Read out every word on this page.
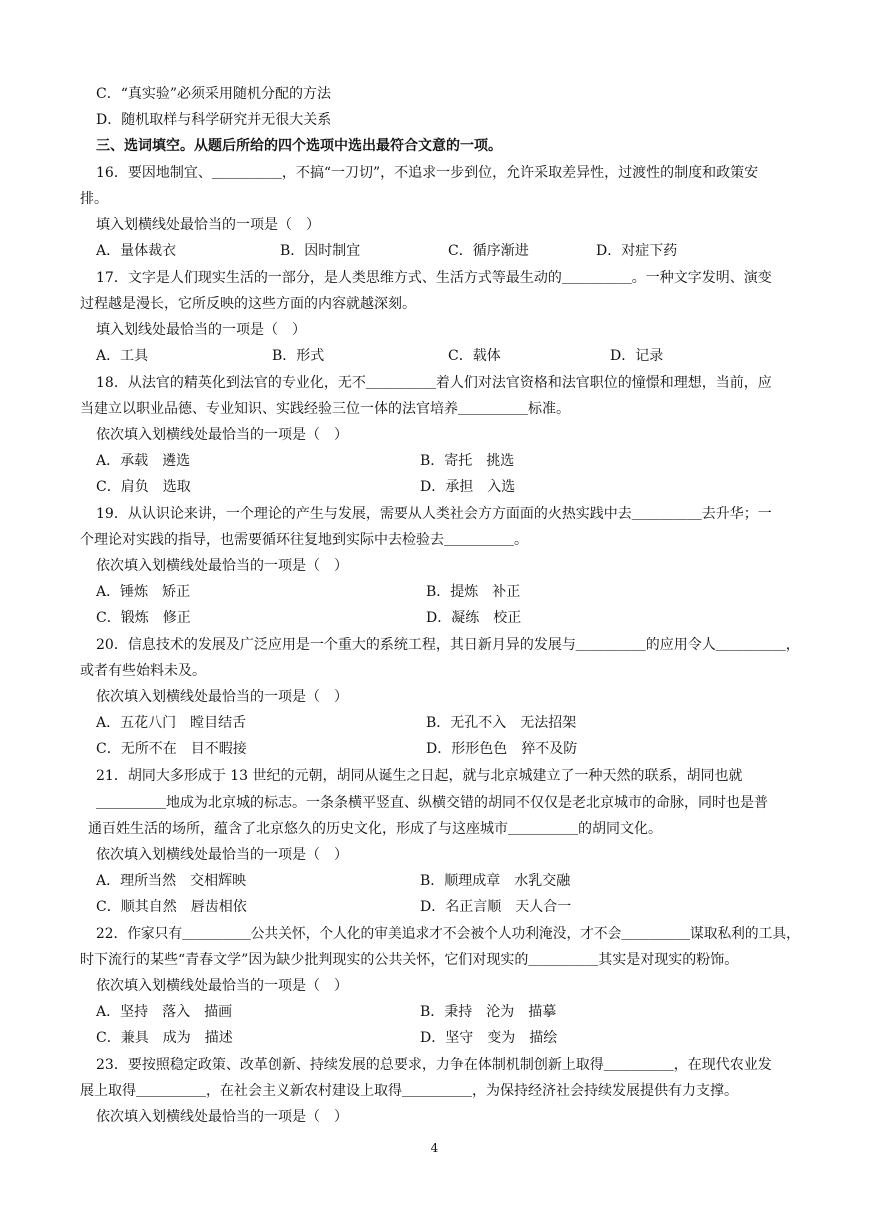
C．“真实验”必须采用随机分配的方法
D．随机取样与科学研究并无很大关系
三、选词填空。从题后所给的四个选项中选出最符合文意的一项。
16．要因地制宜、＿＿＿＿＿，不搞“一刀切”，不追求一步到位，允许采取差异性，过渡性的制度和政策安
排。
填入划横线处最恰当的一项是（　）
A．量体裁衣	B．因时制宜	C．循序渐进	D．对症下药
17．文字是人们现实生活的一部分，是人类思维方式、生活方式等最生动的＿＿＿＿＿。一种文字发明、演变
过程越是漫长，它所反映的这些方面的内容就越深刻。
填入划线处最恰当的一项是（　）
A．工具	B．形式	C．载体	D．记录
18．从法官的精英化到法官的专业化，无不＿＿＿＿＿着人们对法官资格和法官职位的憧憬和理想，当前，应
当建立以职业品德、专业知识、实践经验三位一体的法官培养＿＿＿＿＿标准。
依次填入划横线处最恰当的一项是（　）
A．承载　遴选	B．寄托　挑选
C．肩负　选取	D．承担　入选
19．从认识论来讲，一个理论的产生与发展，需要从人类社会方方面面的火热实践中去＿＿＿＿＿去升华；一
个理论对实践的指导，也需要循环往复地到实际中去检验去＿＿＿＿＿。
依次填入划横线处最恰当的一项是（　）
A．锤炼　矫正	B．提炼　补正
C．锻炼　修正	D．凝练　校正
20．信息技术的发展及广泛应用是一个重大的系统工程，其日新月异的发展与＿＿＿＿＿的应用令人＿＿＿＿＿，
或者有些始料未及。
依次填入划横线处最恰当的一项是（　）
A．五花八门　瞠目结舌	B．无孔不入　无法招架
C．无所不在　目不暇接	D．形形色色　猝不及防
21．胡同大多形成于 13 世纪的元朝，胡同从诞生之日起，就与北京城建立了一种天然的联系，胡同也就
＿＿＿＿＿地成为北京城的标志。一条条横平竖直、纵横交错的胡同不仅仅是老北京城市的命脉，同时也是普
通百姓生活的场所，蕴含了北京悠久的历史文化，形成了与这座城市＿＿＿＿＿的胡同文化。
依次填入划横线处最恰当的一项是（　）
A．理所当然　交相辉映	B．顺理成章　水乳交融
C．顺其自然　唇齿相依	D．名正言顺　天人合一
22．作家只有＿＿＿＿＿公共关怀，个人化的审美追求才不会被个人功利淹没，才不会＿＿＿＿＿谋取私利的工具，
时下流行的某些“青春文学”因为缺少批判现实的公共关怀，它们对现实的＿＿＿＿＿其实是对现实的粉饰。
依次填入划横线处最恰当的一项是（　）
A．坚持　落入　描画	B．秉持　沦为　描摹
C．兼具　成为　描述	D．坚守　变为　描绘
23．要按照稳定政策、改革创新、持续发展的总要求，力争在体制机制创新上取得＿＿＿＿＿，在现代农业发
展上取得＿＿＿＿＿，在社会主义新农村建设上取得＿＿＿＿＿，为保持经济社会持续发展提供有力支撑。
依次填入划横线处最恰当的一项是（　）
4
